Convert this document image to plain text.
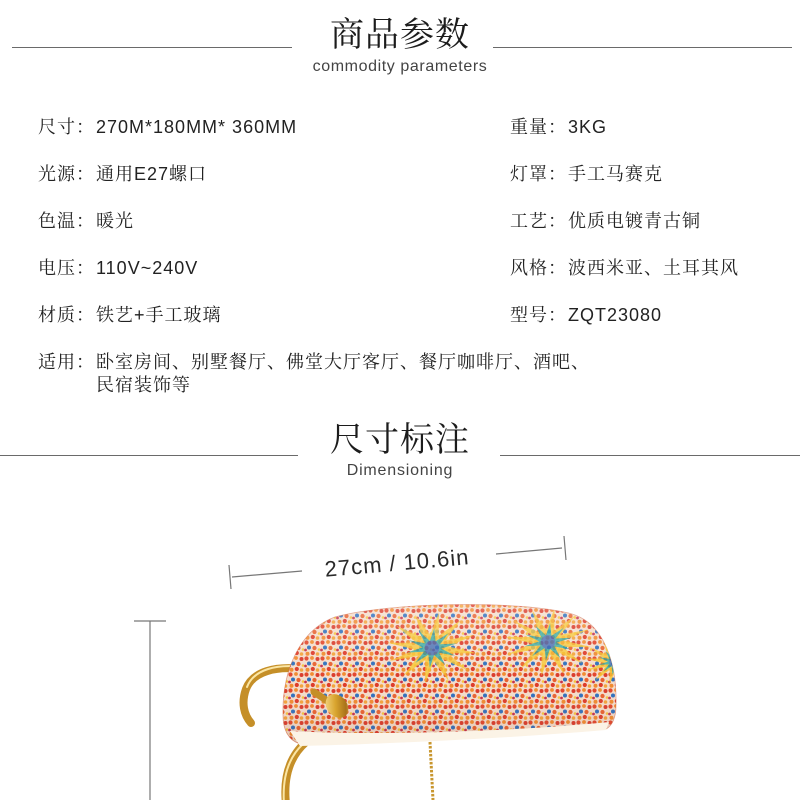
27cm / 10.6in
商品参数
commodity parameters
尺寸：270M*180MM* 360MM
光源：通用E27螺口
色温：暖光
电压：110V~240V
材质：铁艺+手工玻璃
重量：3KG
灯罩：手工马赛克
工艺：优质电镀青古铜
风格：波西米亚、土耳其风
型号：ZQT23080
适用：卧室房间、别墅餐厅、佛堂大厅客厅、餐厅咖啡厅、酒吧、
民宿装饰等
尺寸标注
Dimensioning
